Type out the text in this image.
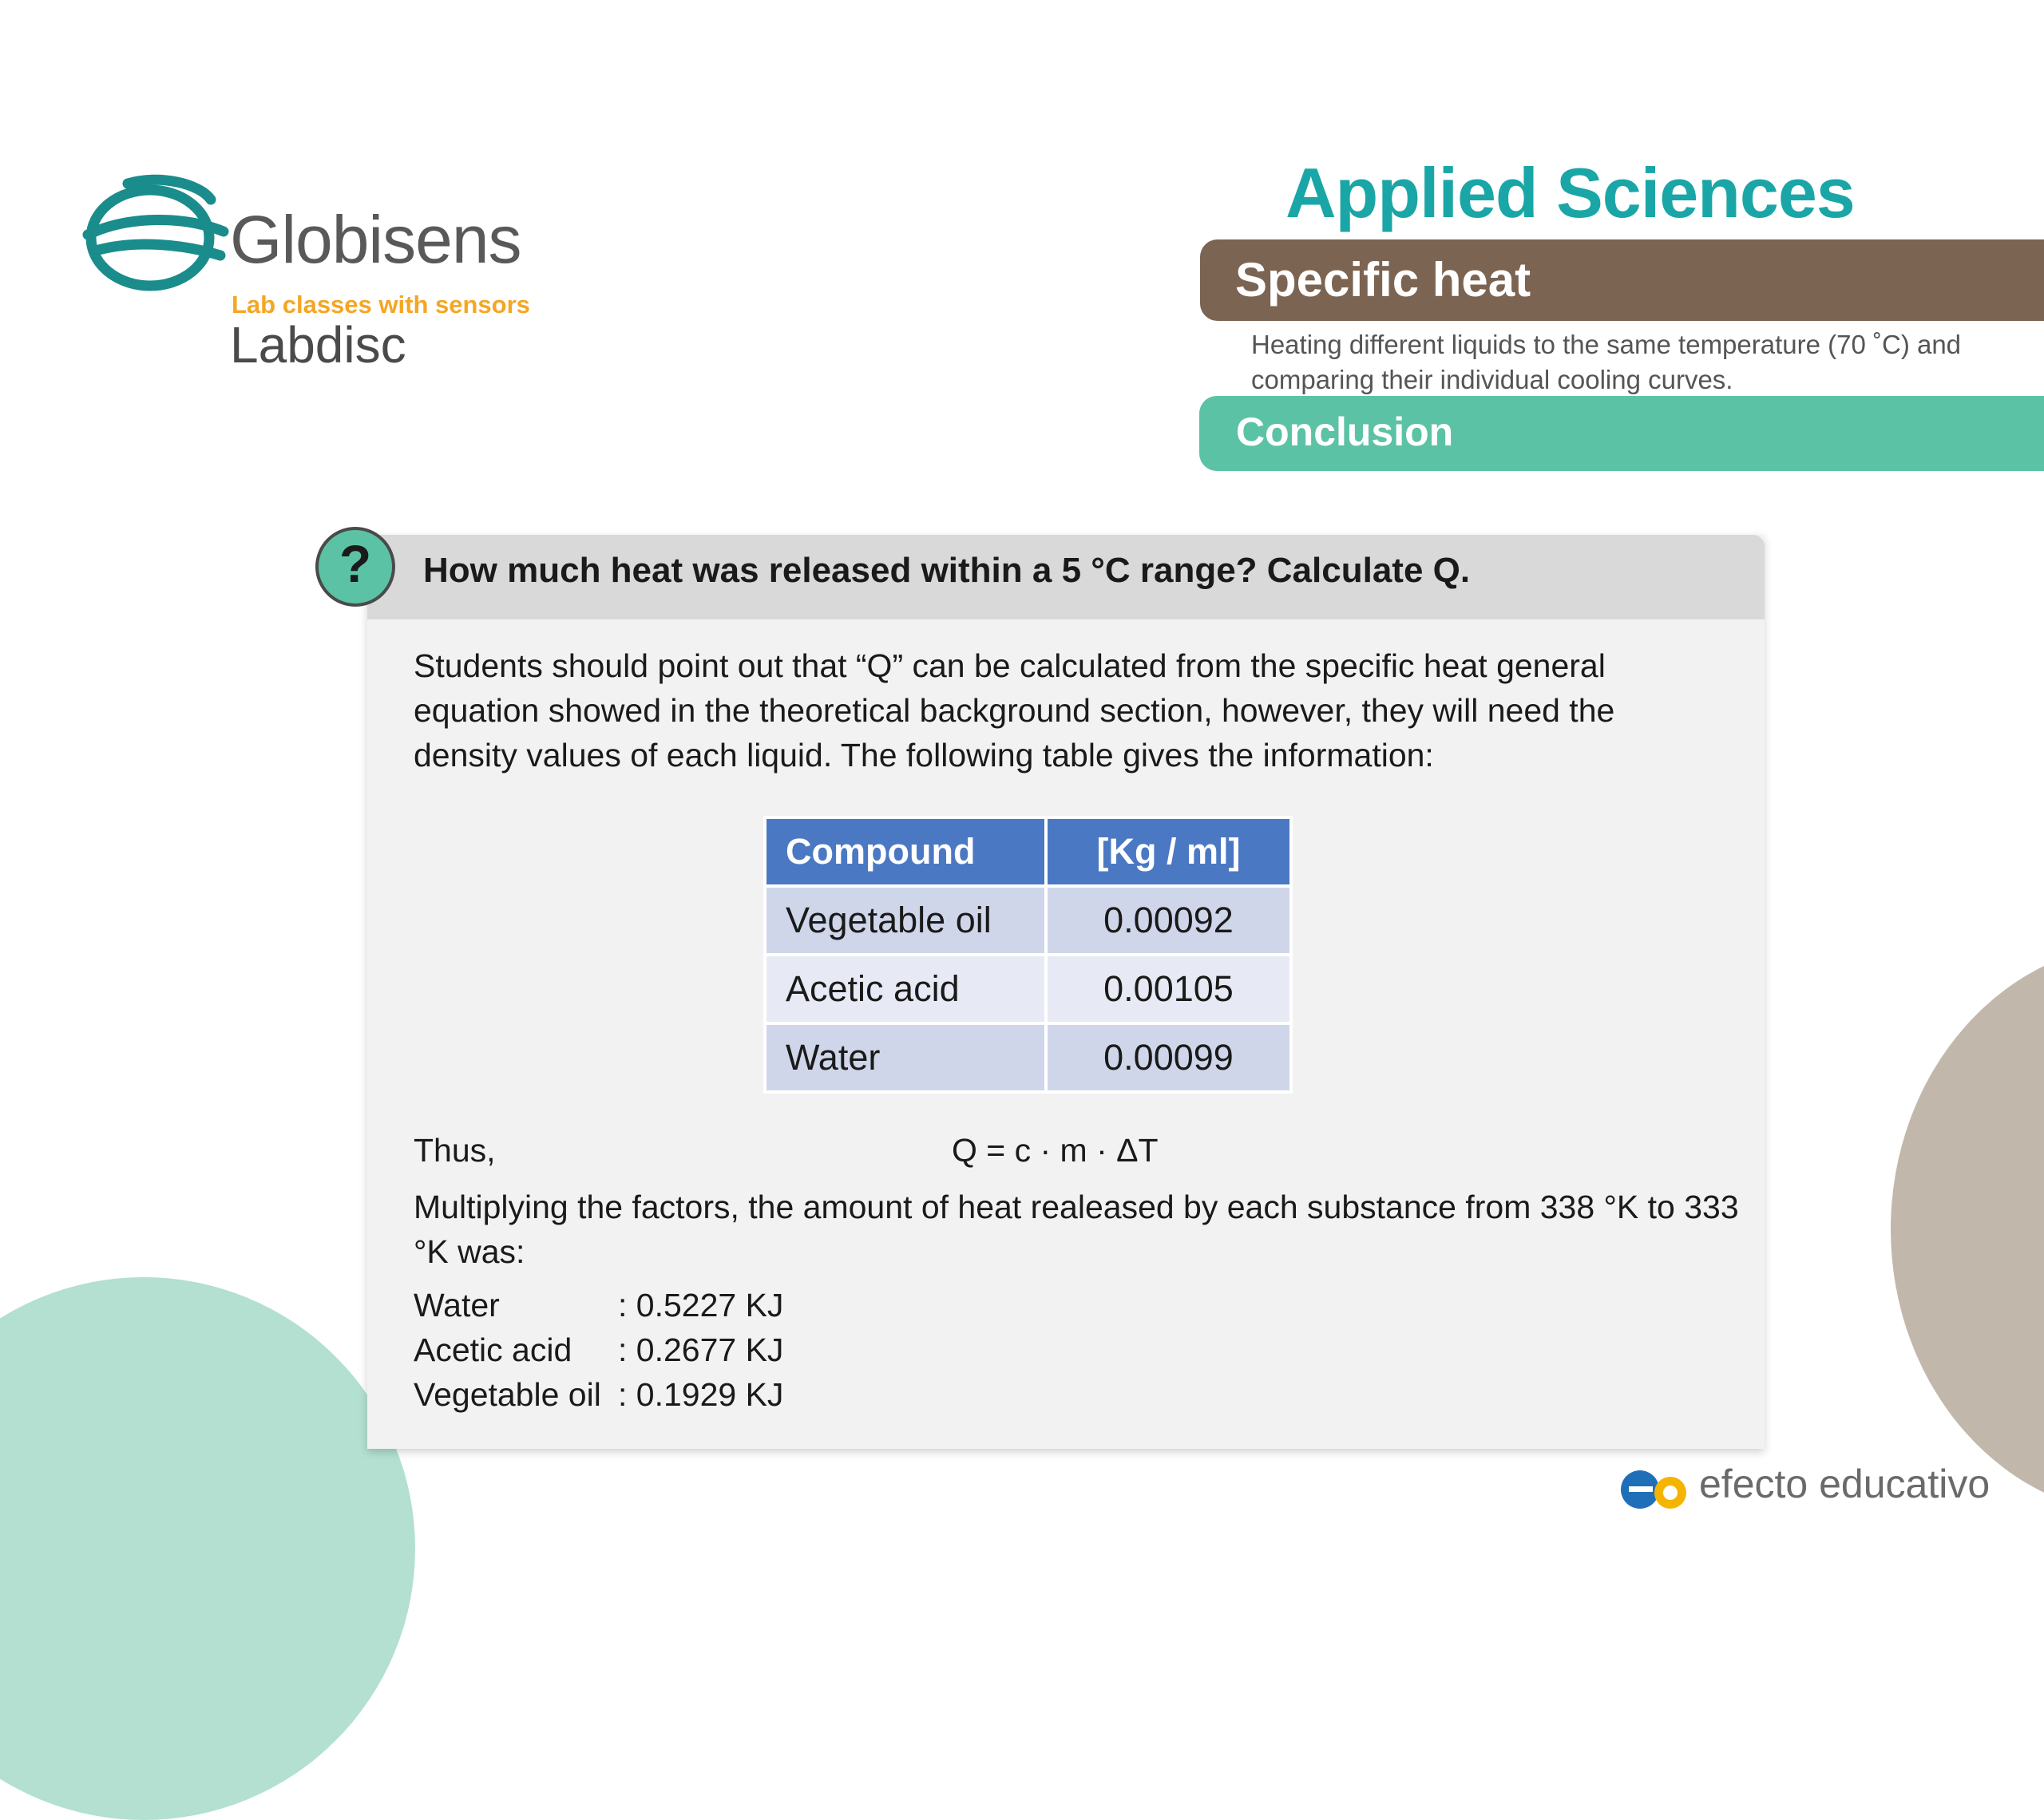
Globisens
Lab classes with sensors
Labdisc
Applied Sciences
Specific heat
Heating different liquids to the same temperature (70 ˚C) and comparing their individual cooling curves.
Conclusion
?	How much heat was released within a 5 °C range? Calculate Q.
Students should point out that “Q” can be calculated from the specific heat general equation showed in the theoretical background section, however, they will need the density values of each liquid. The following table gives the information:
Compound	[Kg / ml]
Vegetable oil	0.00092
Acetic acid	0.00105
Water	0.00099
Thus,	Q = c · m · ΔT
Multiplying the factors, the amount of heat realeased by each substance from 338 °K to 333 °K was:
Water	: 0.5227 KJ
Acetic acid : 0.2677 KJ
Vegetable oil : 0.1929 KJ
efecto educativo
